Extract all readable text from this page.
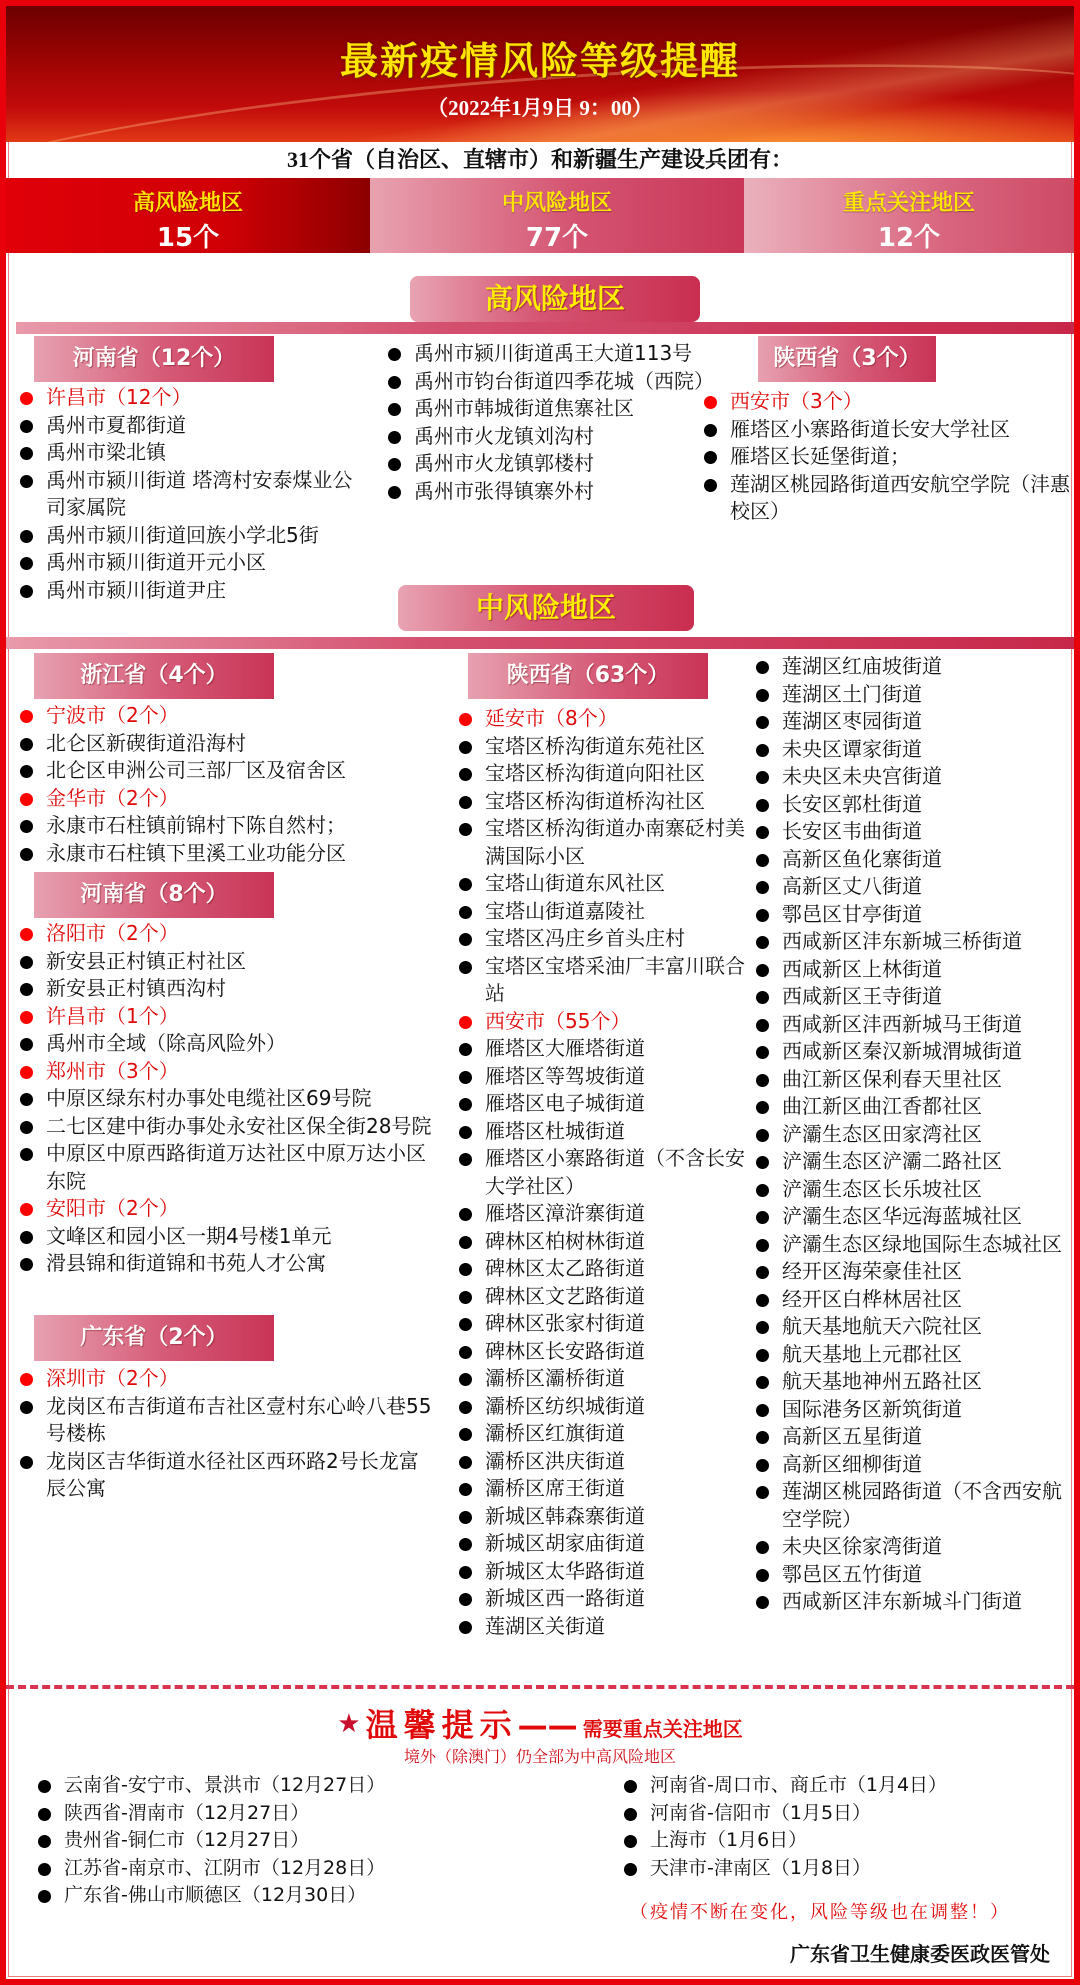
最新疫情风险等级提醒
（2022年1月9日 9：00）
31个省（自治区、直辖市）和新疆生产建设兵团有：
高风险地区
15个
中风险地区
77个
重点关注地区
12个
高风险地区
河南省（12个）
许昌市（12个）
禹州市夏都街道
禹州市梁北镇
禹州市颍川街道 塔湾村安泰煤业公司家属院
禹州市颍川街道回族小学北5街
禹州市颍川街道开元小区
禹州市颍川街道尹庄
禹州市颍川街道禹王大道113号
禹州市钧台街道四季花城（西院）
禹州市韩城街道焦寨社区
禹州市火龙镇刘沟村
禹州市火龙镇郭楼村
禹州市张得镇寨外村
陕西省（3个）
西安市（3个）
雁塔区小寨路街道长安大学社区
雁塔区长延堡街道；
莲湖区桃园路街道西安航空学院（沣惠校区）
中风险地区
浙江省（4个）
宁波市（2个）
北仑区新碶街道沿海村
北仑区申洲公司三部厂区及宿舍区
金华市（2个）
永康市石柱镇前锦村下陈自然村；
永康市石柱镇下里溪工业功能分区
河南省（8个）
洛阳市（2个）
新安县正村镇正村社区
新安县正村镇西沟村
许昌市（1个）
禹州市全域（除高风险外）
郑州市（3个）
中原区绿东村办事处电缆社区69号院
二七区建中街办事处永安社区保全街28号院
中原区中原西路街道万达社区中原万达小区东院
安阳市（2个）
文峰区和园小区一期4号楼1单元
滑县锦和街道锦和书苑人才公寓
广东省（2个）
深圳市（2个）
龙岗区布吉街道布吉社区壹村东心岭八巷55号楼栋
龙岗区吉华街道水径社区西环路2号长龙富辰公寓
陕西省（63个）
延安市（8个）
宝塔区桥沟街道东苑社区
宝塔区桥沟街道向阳社区
宝塔区桥沟街道桥沟社区
宝塔区桥沟街道办南寨砭村美满国际小区
宝塔山街道东风社区
宝塔山街道嘉陵社
宝塔区冯庄乡首头庄村
宝塔区宝塔采油厂丰富川联合站
西安市（55个）
雁塔区大雁塔街道
雁塔区等驾坡街道
雁塔区电子城街道
雁塔区杜城街道
雁塔区小寨路街道（不含长安大学社区）
雁塔区漳浒寨街道
碑林区柏树林街道
碑林区太乙路街道
碑林区文艺路街道
碑林区张家村街道
碑林区长安路街道
灞桥区灞桥街道
灞桥区纺织城街道
灞桥区红旗街道
灞桥区洪庆街道
灞桥区席王街道
新城区韩森寨街道
新城区胡家庙街道
新城区太华路街道
新城区西一路街道
莲湖区关街道
莲湖区红庙坡街道
莲湖区土门街道
莲湖区枣园街道
未央区谭家街道
未央区未央宫街道
长安区郭杜街道
长安区韦曲街道
高新区鱼化寨街道
高新区丈八街道
鄠邑区甘亭街道
西咸新区沣东新城三桥街道
西咸新区上林街道
西咸新区王寺街道
西咸新区沣西新城马王街道
西咸新区秦汉新城渭城街道
曲江新区保利春天里社区
曲江新区曲江香都社区
浐灞生态区田家湾社区
浐灞生态区浐灞二路社区
浐灞生态区长乐坡社区
浐灞生态区华远海蓝城社区
浐灞生态区绿地国际生态城社区
经开区海荣豪佳社区
经开区白桦林居社区
航天基地航天六院社区
航天基地上元郡社区
航天基地神州五路社区
国际港务区新筑街道
高新区五星街道
高新区细柳街道
莲湖区桃园路街道（不含西安航空学院）
未央区徐家湾街道
鄠邑区五竹街道
西咸新区沣东新城斗门街道
★ 温馨提示—— 需要重点关注地区
境外（除澳门）仍全部为中高风险地区
云南省-安宁市、景洪市（12月27日）
陕西省-渭南市（12月27日）
贵州省-铜仁市（12月27日）
江苏省-南京市、江阴市（12月28日）
广东省-佛山市顺德区（12月30日）
河南省-周口市、商丘市（1月4日）
河南省-信阳市（1月5日）
上海市（1月6日）
天津市-津南区（1月8日）
（疫情不断在变化，风险等级也在调整！）
广东省卫生健康委医政医管处
